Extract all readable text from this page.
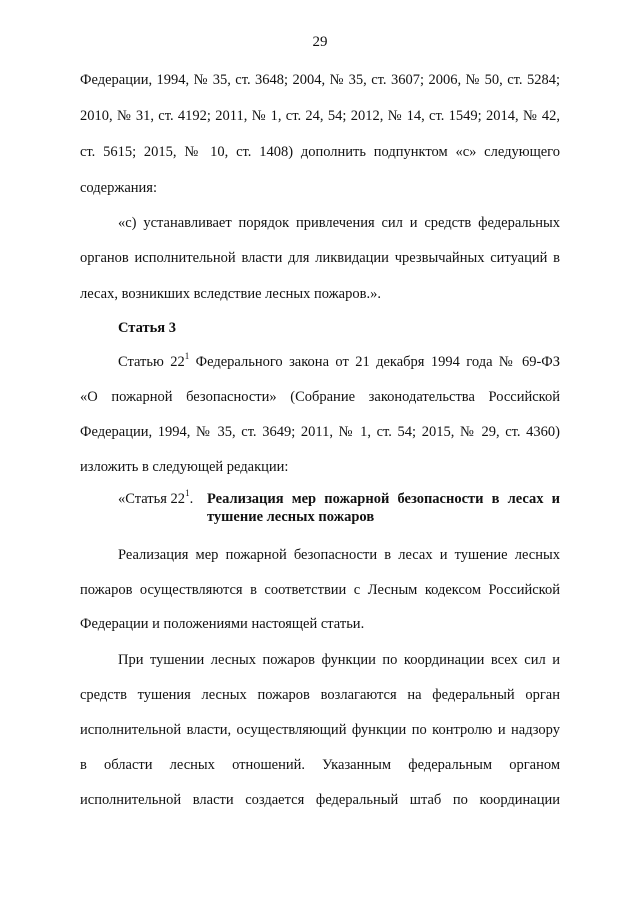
29
Федерации, 1994, № 35, ст. 3648; 2004, № 35, ст. 3607; 2006, № 50, ст. 5284;
2010, № 31, ст. 4192; 2011, № 1, ст. 24, 54; 2012, № 14, ст. 1549; 2014, № 42,
ст. 5615; 2015, № 10, ст. 1408) дополнить подпунктом «с» следующего
содержания:
«с) устанавливает порядок привлечения сил и средств федеральных
органов исполнительной власти для ликвидации чрезвычайных ситуаций в
лесах, возникших вследствие лесных пожаров.».
Статья 3
Статью $22^1$ Федерального закона от 21 декабря 1994 года № 69-ФЗ
«О пожарной безопасности» (Собрание законодательства Российской
Федерации, 1994, № 35, ст. 3649; 2011, № 1, ст. 54; 2015, № 29, ст. 4360)
изложить в следующей редакции:
«Статья $22^1$. Реализация мер пожарной безопасности в лесах и
тушение лесных пожаров
Реализация мер пожарной безопасности в лесах и тушение лесных
пожаров осуществляются в соответствии с Лесным кодексом Российской
Федерации и положениями настоящей статьи.
При тушении лесных пожаров функции по координации всех сил и
средств тушения лесных пожаров возлагаются на федеральный орган
исполнительной власти, осуществляющий функции по контролю и надзору
в области лесных отношений. Указанным федеральным органом
исполнительной власти создается федеральный штаб по координации
